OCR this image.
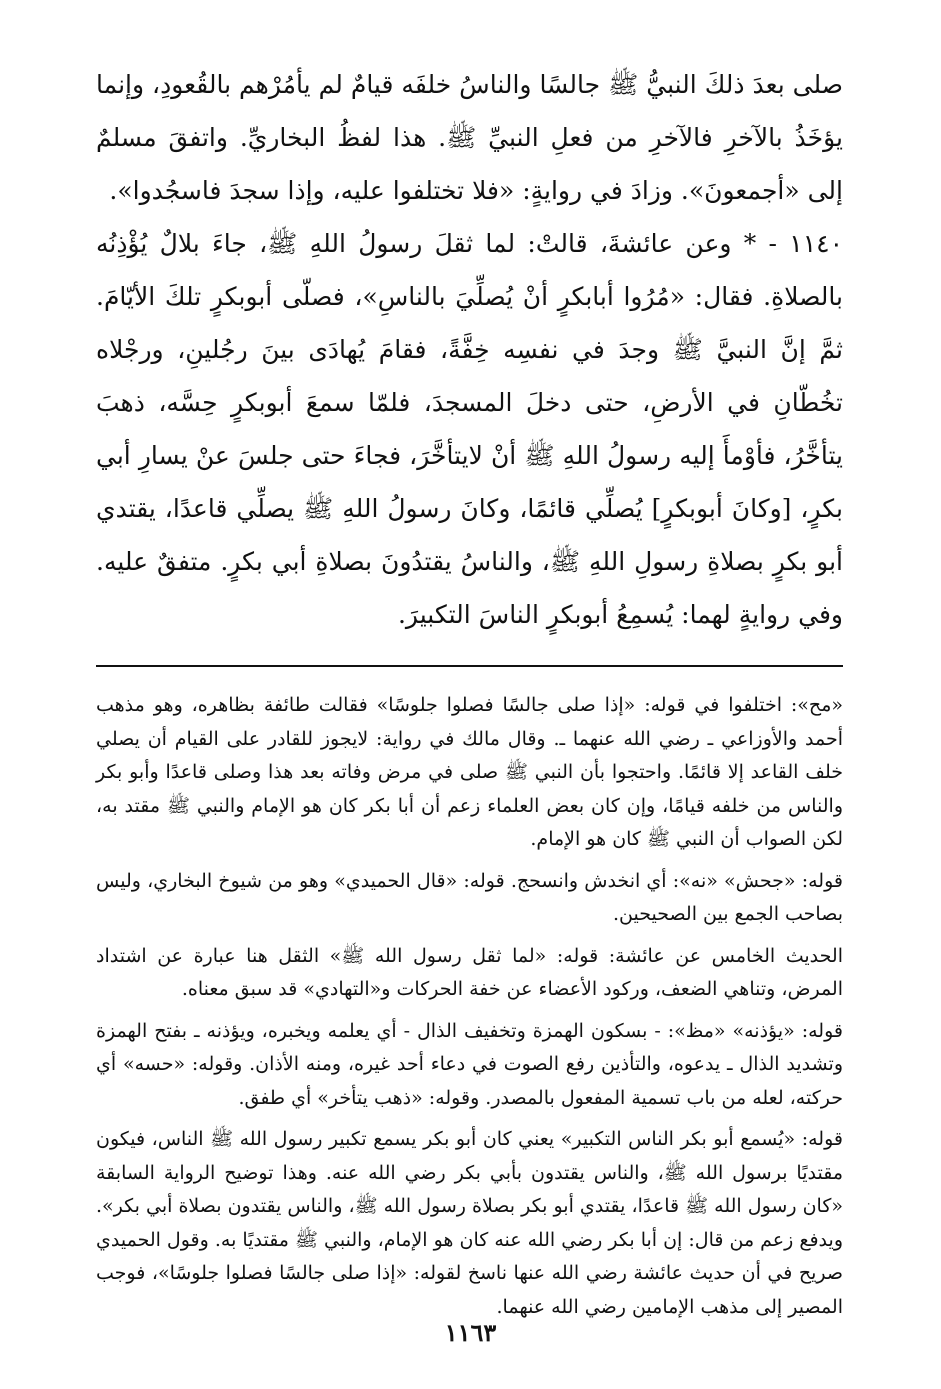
صلى بعدَ ذلكَ النبيُّ ﷺ جالسًا والناسُ خلفَه قيامٌ لم يأمُرْهم بالقُعودِ، وإنما يؤخَذُ بالآخرِ فالآخرِ من فعلِ النبيِّ ﷺ. هذا لفظُ البخاريِّ. واتفقَ مسلمٌ إلى «أجمعونَ». وزادَ في روايةٍ: «فلا تختلفوا عليه، وإذا سجدَ فاسجُدوا».

١١٤٠ - * وعن عائشةَ، قالتْ: لما ثقلَ رسولُ اللهِ ﷺ، جاءَ بلالٌ يُؤْذِنُه بالصلاةِ. فقال: «مُرُوا أبابكرٍ أنْ يُصلِّيَ بالناسِ»، فصلّى أبوبكرٍ تلكَ الأيّامَ. ثمَّ إنَّ النبيَّ ﷺ وجدَ في نفسِه خِفَّةً، فقامَ يُهادَى بينَ رجُلينِ، ورجْلاه تخُطّانِ في الأرضِ، حتى دخلَ المسجدَ، فلمّا سمعَ أبوبكرٍ حِسَّه، ذهبَ يتأخَّرُ، فأوْمأَ إليه رسولُ اللهِ ﷺ أنْ لايتأخَّرَ، فجاءَ حتى جلسَ عنْ يسارِ أبي بكرٍ، [وكانَ أبوبكرٍ] يُصلِّي قائمًا، وكانَ رسولُ اللهِ ﷺ يصلِّي قاعدًا، يقتدي أبو بكرٍ بصلاةِ رسولِ اللهِ ﷺ، والناسُ يقتدُونَ بصلاةِ أبي بكرٍ. متفقٌ عليه. وفي روايةٍ لهما: يُسمِعُ أبوبكرٍ الناسَ التكبيرَ.

«مح»: اختلفوا في قوله: «إذا صلى جالسًا فصلوا جلوسًا» فقالت طائفة بظاهره، وهو مذهب أحمد والأوزاعي ـ رضي الله عنهما ـ. وقال مالك في رواية: لايجوز للقادر على القيام أن يصلي خلف القاعد إلا قائمًا. واحتجوا بأن النبي ﷺ صلى في مرض وفاته بعد هذا وصلى قاعدًا وأبو بكر والناس من خلفه قيامًا، وإن كان بعض العلماء زعم أن أبا بكر كان هو الإمام والنبي ﷺ مقتد به، لكن الصواب أن النبي ﷺ كان هو الإمام.

قوله: «جحش» «نه»: أي انخدش وانسحج. قوله: «قال الحميدي» وهو من شيوخ البخاري، وليس بصاحب الجمع بين الصحيحين.

الحديث الخامس عن عائشة: قوله: «لما ثقل رسول الله ﷺ» الثقل هنا عبارة عن اشتداد المرض، وتناهي الضعف، وركود الأعضاء عن خفة الحركات و«التهادي» قد سبق معناه.

قوله: «يؤذنه» «مظ»: - بسكون الهمزة وتخفيف الذال - أي يعلمه ويخبره، ويؤذنه ـ بفتح الهمزة وتشديد الذال ـ يدعوه، والتأذين رفع الصوت في دعاء أحد غيره، ومنه الأذان. وقوله: «حسه» أي حركته، لعله من باب تسمية المفعول بالمصدر. وقوله: «ذهب يتأخر» أي طفق.

قوله: «يُسمع أبو بكر الناس التكبير» يعني كان أبو بكر يسمع تكبير رسول الله ﷺ الناس، فيكون مقتديًا برسول الله ﷺ، والناس يقتدون بأبي بكر رضي الله عنه. وهذا توضيح الرواية السابقة «كان رسول الله ﷺ قاعدًا، يقتدي أبو بكر بصلاة رسول الله ﷺ، والناس يقتدون بصلاة أبي بكر». ويدفع زعم من قال: إن أبا بكر رضي الله عنه كان هو الإمام، والنبي ﷺ مقتديًا به. وقول الحميدي صريح في أن حديث عائشة رضي الله عنها ناسخ لقوله: «إذا صلى جالسًا فصلوا جلوسًا»، فوجب المصير إلى مذهب الإمامين رضي الله عنهما.

١١٦٣
